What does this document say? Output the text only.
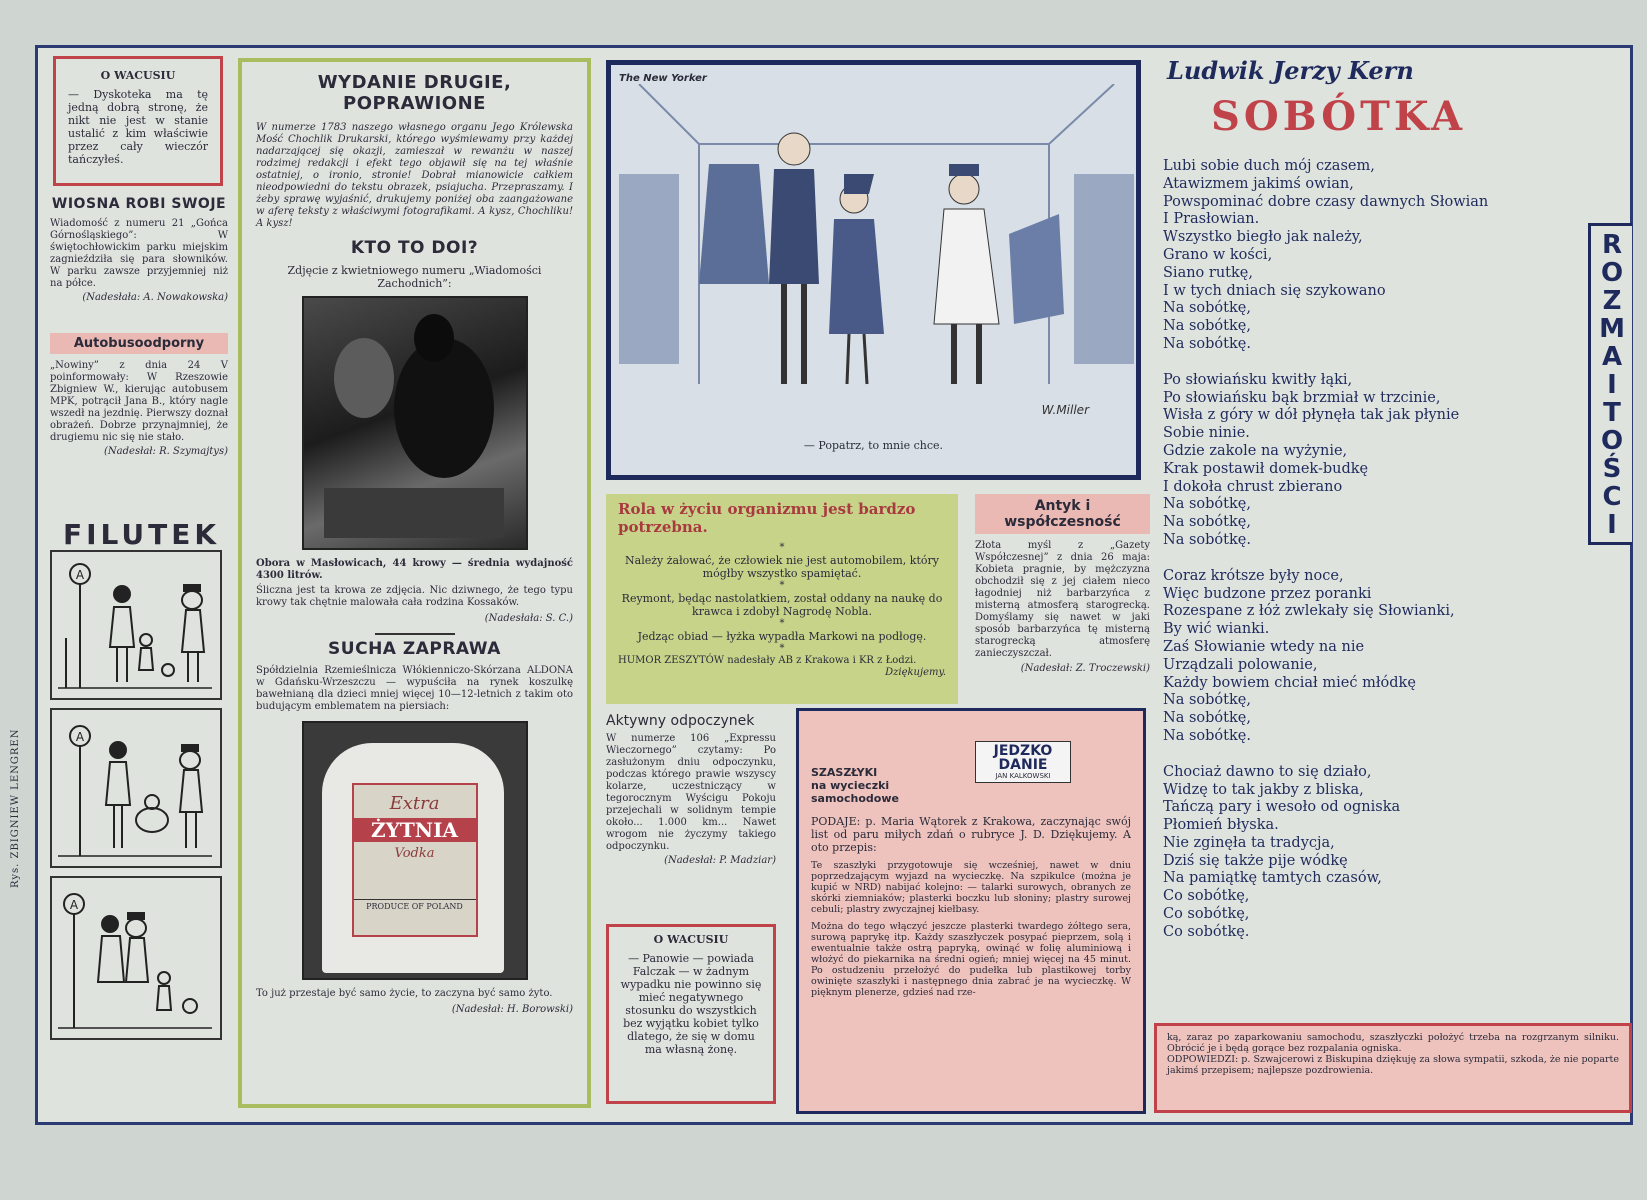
O WACUSIU
— Dyskoteka ma tę jedną dobrą stronę, że nikt nie jest w stanie ustalić z kim właściwie przez cały wieczór tańczyłeś.
WIOSNA ROBI SWOJE
Wiadomość z numeru 21 „Gońca Górnośląskiego”: W świętochłowickim parku miejskim zagnieździła się para słowników. W parku zawsze przyjemniej niż na półce.
(Nadesłała: A. Nowakowska)
Autobusoodporny
„Nowiny” z dnia 24 V poinformowały: W Rzeszowie Zbigniew W., kierując autobusem MPK, potrącił Jana B., który nagle wszedł na jezdnię. Pierwszy doznał obrażeń. Dobrze przynajmniej, że drugiemu nic się nie stało.
(Nadesłał: R. Szymajtys)
FILUTEK
A
A
A
Rys. ZBIGNIEW LENGREN
WYDANIE DRUGIE, POPRAWIONE
W numerze 1783 naszego własnego organu Jego Królewska Mość Chochlik Drukarski, którego wyśmiewamy przy każdej nadarzającej się okazji, zamieszał w rewanżu w naszej rodzimej redakcji i efekt tego objawił się na tej właśnie ostatniej, o ironio, stronie! Dobrał mianowicie całkiem nieodpowiedni do tekstu obrazek, psiajucha. Przepraszamy. I żeby sprawę wyjaśnić, drukujemy poniżej oba zaangażowane w aferę teksty z właściwymi fotografikami. A kysz, Chochliku! A kysz!
KTO TO DOI?
Zdjęcie z kwietniowego numeru „Wiadomości Zachodnich”:
Obora w Masłowicach, 44 krowy — średnia wydajność 4300 litrów.
Śliczna jest ta krowa ze zdjęcia. Nic dziwnego, że tego typu krowy tak chętnie malowała cała rodzina Kossaków.
(Nadesłała: S. C.)
SUCHA ZAPRAWA
Spółdzielnia Rzemieślnicza Włókienniczo-Skórzana ALDONA w Gdańsku-Wrzeszczu — wypuściła na rynek koszulkę bawełnianą dla dzieci mniej więcej 10—12-letnich z takim oto budującym emblematem na piersiach:
Extra
ŻYTNIA
Vodka
PRODUCE OF POLAND
To już przestaje być samo życie, to zaczyna być samo żyto.
(Nadesłał: H. Borowski)
The New Yorker
W.Miller
— Popatrz, to mnie chce.
Rola w życiu organizmu jest bardzo potrzebna.
*
Należy żałować, że człowiek nie jest automobilem, który mógłby wszystko spamiętać.
*
Reymont, będąc nastolatkiem, został oddany na naukę do krawca i zdobył Nagrodę Nobla.
*
Jedząc obiad — łyżka wypadła Markowi na podłogę.
*
HUMOR ZESZYTÓW nadesłały AB z Krakowa i KR z Łodzi.
Dziękujemy.
Antyk i współczesność
Złota myśl z „Gazety Współczesnej” z dnia 26 maja: Kobieta pragnie, by mężczyzna obchodził się z jej ciałem nieco łagodniej niż barbarzyńca z misterną atmosferą starogrecką. Domyślamy się nawet w jaki sposób barbarzyńca tę misterną starogrecką atmosferę zanieczyszczał.
(Nadesłał: Z. Troczewski)
Aktywny odpoczynek
W numerze 106 „Expressu Wieczornego” czytamy: Po zasłużonym dniu odpoczynku, podczas którego prawie wszyscy kolarze, uczestniczący w tegorocznym Wyścigu Pokoju przejechali w solidnym tempie około... 1.000 km... Nawet wrogom nie życzymy takiego odpoczynku.
(Nadesłał: P. Madziar)
O WACUSIU
— Panowie — powiada Falczak — w żadnym wypadku nie powinno się mieć negatywnego stosunku do wszystkich bez wyjątku kobiet tylko dlatego, że się w domu ma własną żonę.
SZASZŁYKI
na wycieczki samochodowe
JEDZKO
DANIE
JAN KALKOWSKI
PODAJE: p. Maria Wątorek z Krakowa, zaczynając swój list od paru miłych zdań o rubryce J. D. Dziękujemy. A oto przepis:
Te szaszłyki przygotowuje się wcześniej, nawet w dniu poprzedzającym wyjazd na wycieczkę. Na szpikulce (można je kupić w NRD) nabijać kolejno: — talarki surowych, obranych ze skórki ziemniaków; plasterki boczku lub słoniny; plastry surowej cebuli; plastry zwyczajnej kiełbasy.
Można do tego włączyć jeszcze plasterki twardego żółtego sera, surową paprykę itp. Każdy szaszłyczek posypać pieprzem, solą i ewentualnie także ostrą papryką, owinąć w folię aluminiową i włożyć do piekarnika na średni ogień; mniej więcej na 45 minut. Po ostudzeniu przełożyć do pudełka lub plastikowej torby owinięte szaszłyki i następnego dnia zabrać je na wycieczkę. W pięknym plenerze, gdzieś nad rze-
ką, zaraz po zaparkowaniu samochodu, szaszłyczki położyć trzeba na rozgrzanym silniku. Obrócić je i będą gorące bez rozpalania ogniska.
ODPOWIEDZI: p. Szwajcerowi z Biskupina dziękuję za słowa sympatii, szkoda, że nie poparte jakimś przepisem; najlepsze pozdrowienia.
Ludwik Jerzy Kern
SOBÓTKA

Lubi sobie duch mój czasem,

Atawizmem jakimś owian,

Powspominać dobre czasy dawnych Słowian

I Prasłowian.

Wszystko biegło jak należy,

Grano w kości,

Siano rutkę,

I w tych dniach się szykowano

Na sobótkę,

Na sobótkę,

Na sobótkę.

Po słowiańsku kwitły łąki,

Po słowiańsku bąk brzmiał w trzcinie,

Wisła z góry w dół płynęła tak jak płynie

Sobie ninie.

Gdzie zakole na wyżynie,

Krak postawił domek-budkę

I dokoła chrust zbierano

Na sobótkę,

Na sobótkę,

Na sobótkę.

Coraz krótsze były noce,

Więc budzone przez poranki

Rozespane z łóż zwlekały się Słowianki,

By wić wianki.

Zaś Słowianie wtedy na nie

Urządzali polowanie,

Każdy bowiem chciał mieć młódkę

Na sobótkę,

Na sobótkę,

Na sobótkę.

Chociaż dawno to się działo,

Widzę to tak jakby z bliska,

Tańczą pary i wesoło od ogniska

Płomień błyska.

Nie zginęła ta tradycja,

Dziś się także pije wódkę

Na pamiątkę tamtych czasów,

Co sobótkę,

Co sobótkę,

Co sobótkę.

ROZMAITOŚCI
